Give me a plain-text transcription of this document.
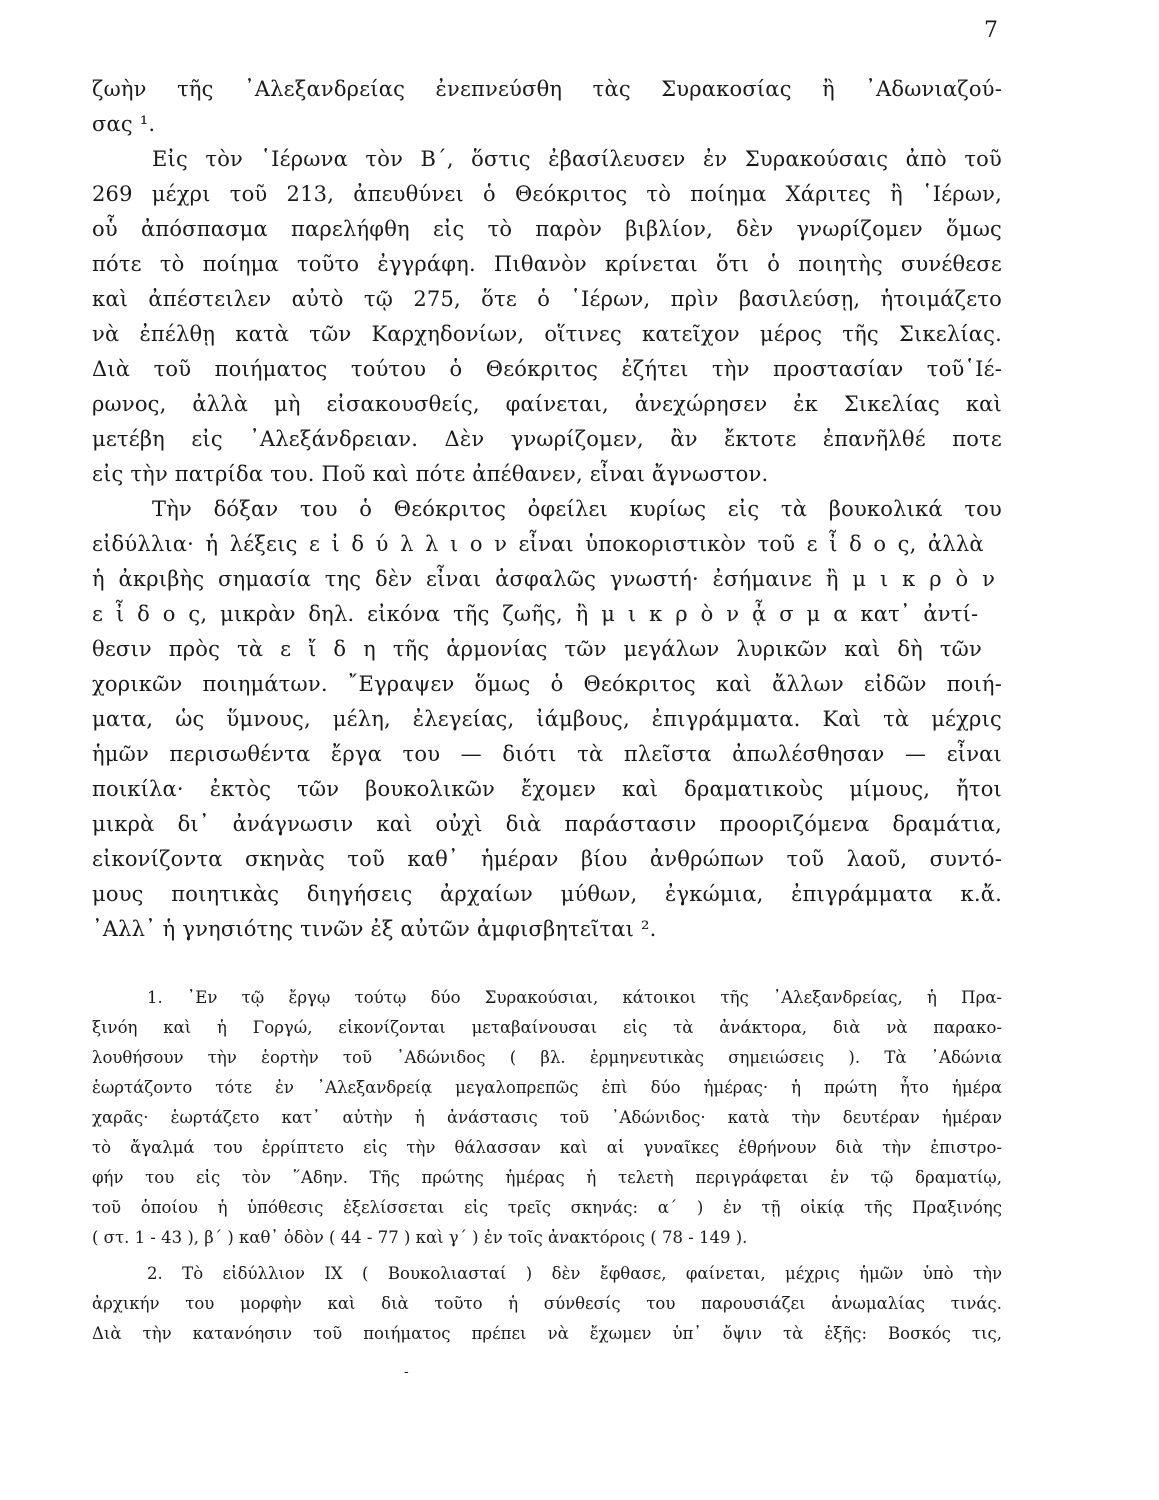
7
ζωὴν τῆς ᾿Αλεξανδρείας ἐνεπνεύσθη τὰς Συρακοσίας ἢ ᾿Αδωνιαζού-
σας ¹.
Εἰς τὸν ῾Ιέρωνα τὸν Β΄, ὅστις ἐβασίλευσεν ἐν Συρακούσαις ἀπὸ τοῦ
269 μέχρι τοῦ 213, ἀπευθύνει ὁ Θεόκριτος τὸ ποίημα Χάριτες ἢ ῾Ιέρων,
οὗ ἀπόσπασμα παρελήφθη εἰς τὸ παρὸν βιβλίον, δὲν γνωρίζομεν ὅμως
πότε τὸ ποίημα τοῦτο ἐγγράφη. Πιθανὸν κρίνεται ὅτι ὁ ποιητὴς συνέθεσε
καὶ ἀπέστειλεν αὐτὸ τῷ 275, ὅτε ὁ ῾Ιέρων, πρὶν βασιλεύσῃ, ἡτοιμάζετο
νὰ ἐπέλθῃ κατὰ τῶν Καρχηδονίων, οἵτινες κατεῖχον μέρος τῆς Σικελίας.
Διὰ τοῦ ποιήματος τούτου ὁ Θεόκριτος ἐζήτει τὴν προστασίαν τοῦ῾Ιέ-
ρωνος, ἀλλὰ μὴ εἰσακουσθείς, φαίνεται, ἀνεχώρησεν ἐκ Σικελίας καὶ
μετέβη εἰς ᾿Αλεξάνδρειαν. Δὲν γνωρίζομεν, ἂν ἔκτοτε ἐπανῆλθέ ποτε
εἰς τὴν πατρίδα του. Ποῦ καὶ πότε ἀπέθανεν, εἶναι ἄγνωστον.
Τὴν δόξαν του ὁ Θεόκριτος ὀφείλει κυρίως εἰς τὰ βουκολικά του
εἰδύλλια· ἡ λέξεις ε ἰ δ ύ λ λ ι ο ν εἶναι ὑποκοριστικὸν τοῦ ε ἶ δ ο ς, ἀλλὰ
ἡ ἀκριβὴς σημασία της δὲν εἶναι ἀσφαλῶς γνωστή· ἐσήμαινε ἢ μ ι κ ρ ὸ ν
ε ἶ δ ο ς, μικρὰν δηλ. εἰκόνα τῆς ζωῆς, ἢ μ ι κ ρ ὸ ν ᾆ σ μ α κατ᾿ ἀντί-
θεσιν πρὸς τὰ ε ἴ δ η τῆς ἁρμονίας τῶν μεγάλων λυρικῶν καὶ δὴ τῶν
χορικῶν ποιημάτων. ῎Εγραψεν ὅμως ὁ Θεόκριτος καὶ ἄλλων εἰδῶν ποιή-
ματα, ὡς ὕμνους, μέλη, ἐλεγείας, ἰάμβους, ἐπιγράμματα. Καὶ τὰ μέχρις
ἡμῶν περισωθέντα ἔργα του — διότι τὰ πλεῖστα ἀπωλέσθησαν — εἶναι
ποικίλα· ἐκτὸς τῶν βουκολικῶν ἔχομεν καὶ δραματικοὺς μίμους, ἤτοι
μικρὰ δι᾿ ἀνάγνωσιν καὶ οὐχὶ διὰ παράστασιν προοριζόμενα δραμάτια,
εἰκονίζοντα σκηνὰς τοῦ καθ᾿ ἡμέραν βίου ἀνθρώπων τοῦ λαοῦ, συντό-
μους ποιητικὰς διηγήσεις ἀρχαίων μύθων, ἐγκώμια, ἐπιγράμματα κ.ἄ.
᾿Αλλ᾿ ἡ γνησιότης τινῶν ἐξ αὐτῶν ἀμφισβητεῖται ².
1. ᾿Εν τῷ ἔργῳ τούτῳ δύο Συρακούσιαι, κάτοικοι τῆς ᾿Αλεξανδρείας, ἡ Πρα-
ξινόη καὶ ἡ Γοργώ, εἰκονίζονται μεταβαίνουσαι εἰς τὰ ἀνάκτορα, διὰ νὰ παρακο-
λουθήσουν τὴν ἑορτὴν τοῦ ᾿Αδώνιδος ( βλ. ἑρμηνευτικὰς σημειώσεις ). Τὰ ᾿Αδώνια
ἑωρτάζοντο τότε ἐν ᾿Αλεξανδρείᾳ μεγαλοπρεπῶς ἐπὶ δύο ἡμέρας· ἡ πρώτη ἦτο ἡμέρα
χαρᾶς· ἑωρτάζετο κατ᾿ αὐτὴν ἡ ἀνάστασις τοῦ ᾿Αδώνιδος· κατὰ τὴν δευτέραν ἡμέραν
τὸ ἄγαλμά του ἐρρίπτετο εἰς τὴν θάλασσαν καὶ αἱ γυναῖκες ἐθρήνουν διὰ τὴν ἐπιστρο-
φήν του εἰς τὸν ῞Αδην. Τῆς πρώτης ἡμέρας ἡ τελετὴ περιγράφεται ἐν τῷ δραματίῳ,
τοῦ ὁποίου ἡ ὑπόθεσις ἐξελίσσεται εἰς τρεῖς σκηνάς: α΄ ) ἐν τῇ οἰκίᾳ τῆς Πραξινόης
( στ. 1 - 43 ), β΄ ) καθ᾿ ὁδὸν ( 44 - 77 ) καὶ γ΄ ) ἐν τοῖς ἀνακτόροις ( 78 - 149 ).
2. Τὸ εἰδύλλιον ΙΧ ( Βουκολιασταί ) δὲν ἔφθασε, φαίνεται, μέχρις ἡμῶν ὑπὸ τὴν
ἀρχικήν του μορφὴν καὶ διὰ τοῦτο ἡ σύνθεσίς του παρουσιάζει ἀνωμαλίας τινάς.
Διὰ τὴν κατανόησιν τοῦ ποιήματος πρέπει νὰ ἔχωμεν ὑπ᾿ ὄψιν τὰ ἑξῆς: Βοσκός τις,
-
